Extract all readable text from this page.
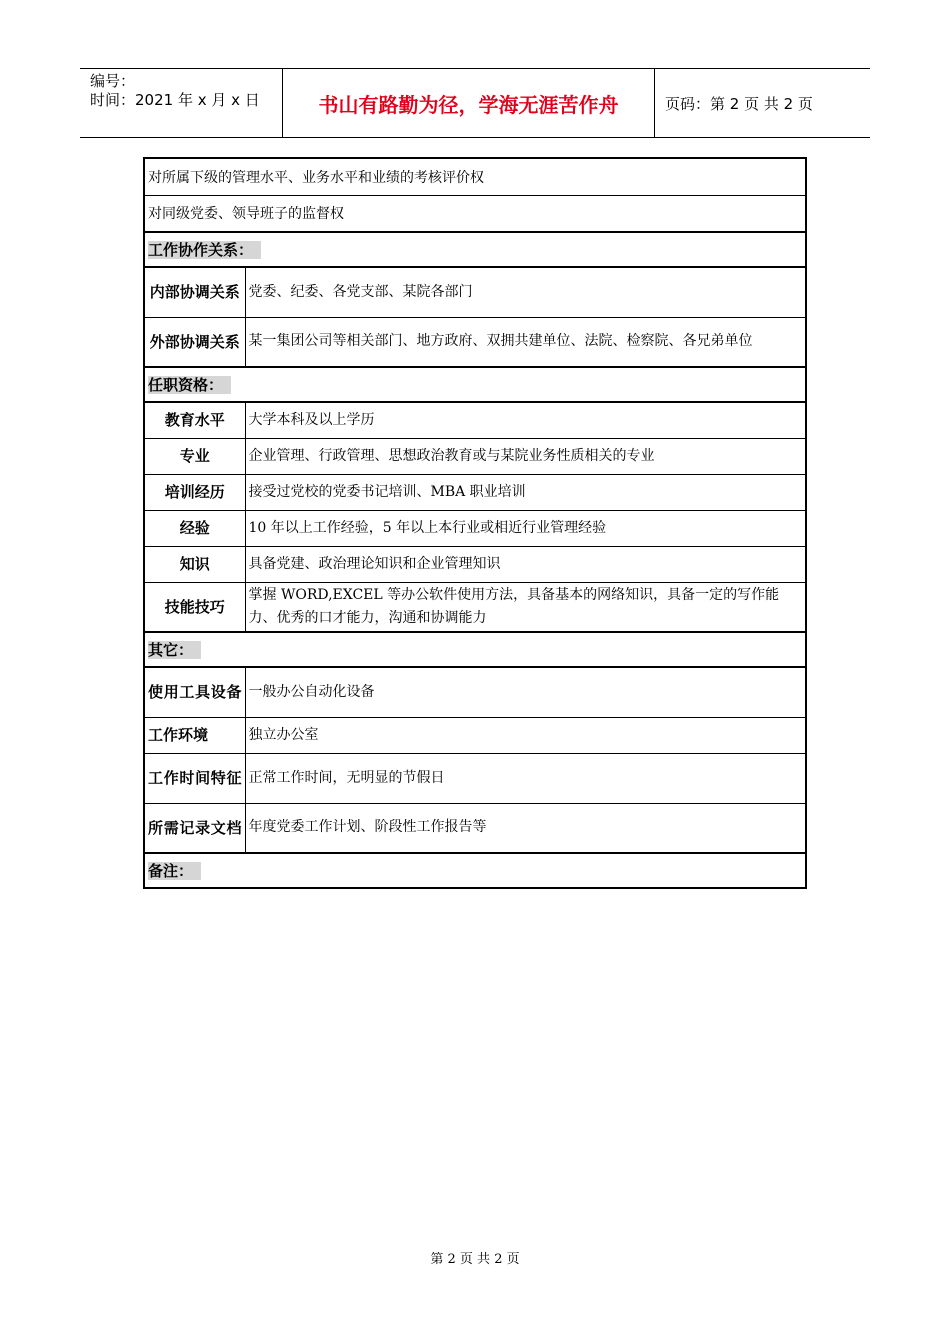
编号：
时间：2021 年 x 月 x 日	书山有路勤为径，学海无涯苦作舟	页码：第 2 页 共 2 页
对所属下级的管理水平、业务水平和业绩的考核评价权	
对同级党委、领导班子的监督权	
工作协作关系：	
内部协调关系	党委、纪委、各党支部、某院各部门
外部协调关系	某一集团公司等相关部门、地方政府、双拥共建单位、法院、检察院、各兄弟单位
任职资格：	
教育水平	大学本科及以上学历
专业	企业管理、行政管理、思想政治教育或与某院业务性质相关的专业
培训经历	接受过党校的党委书记培训、MBA 职业培训
经验	10 年以上工作经验，5 年以上本行业或相近行业管理经验
知识	具备党建、政治理论知识和企业管理知识
技能技巧	掌握 WORD,EXCEL 等办公软件使用方法，具备基本的网络知识，具备一定的写作能力、优秀的口才能力，沟通和协调能力
其它：	
使用工具设备	一般办公自动化设备
工作环境	独立办公室
工作时间特征	正常工作时间，无明显的节假日
所需记录文档	年度党委工作计划、阶段性工作报告等
备注：	
第 2 页 共 2 页
